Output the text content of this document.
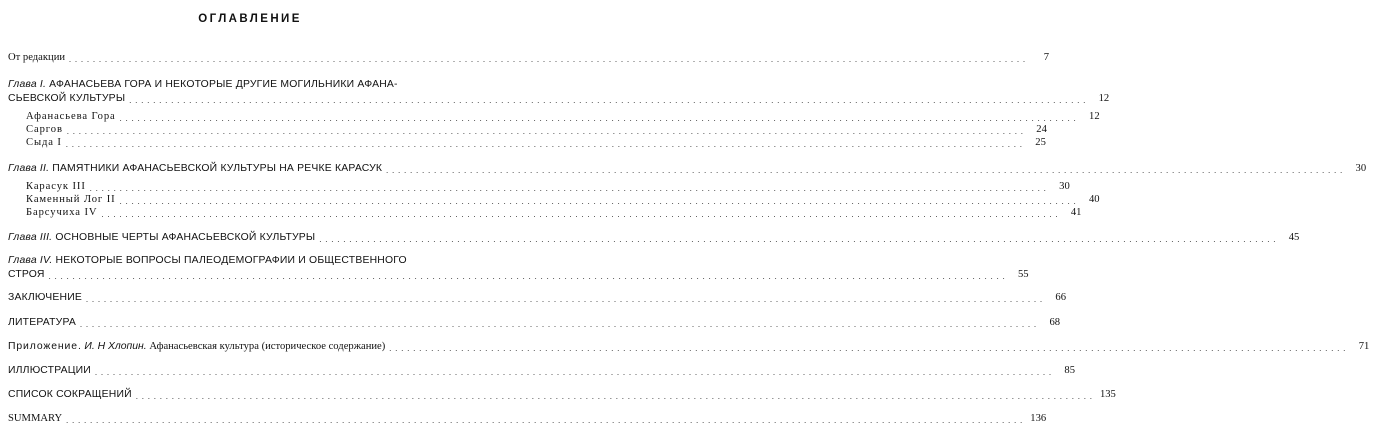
ОГЛАВЛЕНИЕ
От редакции ................................................................................................................................................................	7
Глава I. АФАНАСЬЕВА ГОРА И НЕКОТОРЫЕ ДРУГИЕ МОГИЛЬНИКИ АФАНА-
СЬЕВСКОЙ КУЛЬТУРЫ ................................................................................................................................................................ 12
Афанасьева Гора ................................................................................................................................................................ 12
Саргов ................................................................................................................................................................ 24
Сыда I ................................................................................................................................................................ 25
Глава II. ПАМЯТНИКИ АФАНАСЬЕВСКОЙ КУЛЬТУРЫ НА РЕЧКЕ КАРАСУК ................................................................................................................................................................ 30
Карасук III ................................................................................................................................................................ 30
Каменный Лог II ................................................................................................................................................................ 40
Барсучиха IV ................................................................................................................................................................ 41
Глава III. ОСНОВНЫЕ ЧЕРТЫ АФАНАСЬЕВСКОЙ КУЛЬТУРЫ ................................................................................................................................................................ 45
Глава IV. НЕКОТОРЫЕ ВОПРОСЫ ПАЛЕОДЕМОГРАФИИ И ОБЩЕСТВЕННОГО
СТРОЯ ................................................................................................................................................................ 55
ЗАКЛЮЧЕНИЕ ................................................................................................................................................................ 66
ЛИТЕРАТУРА ................................................................................................................................................................ 68
Приложение. И. Н Хлопин. Афанасьевская культура (историческое содержание) ................................................................................................................................................................ 71
ИЛЛЮСТРАЦИИ ................................................................................................................................................................ 85
СПИСОК СОКРАЩЕНИЙ ................................................................................................................................................................ 135
SUMMARY ................................................................................................................................................................ 136
